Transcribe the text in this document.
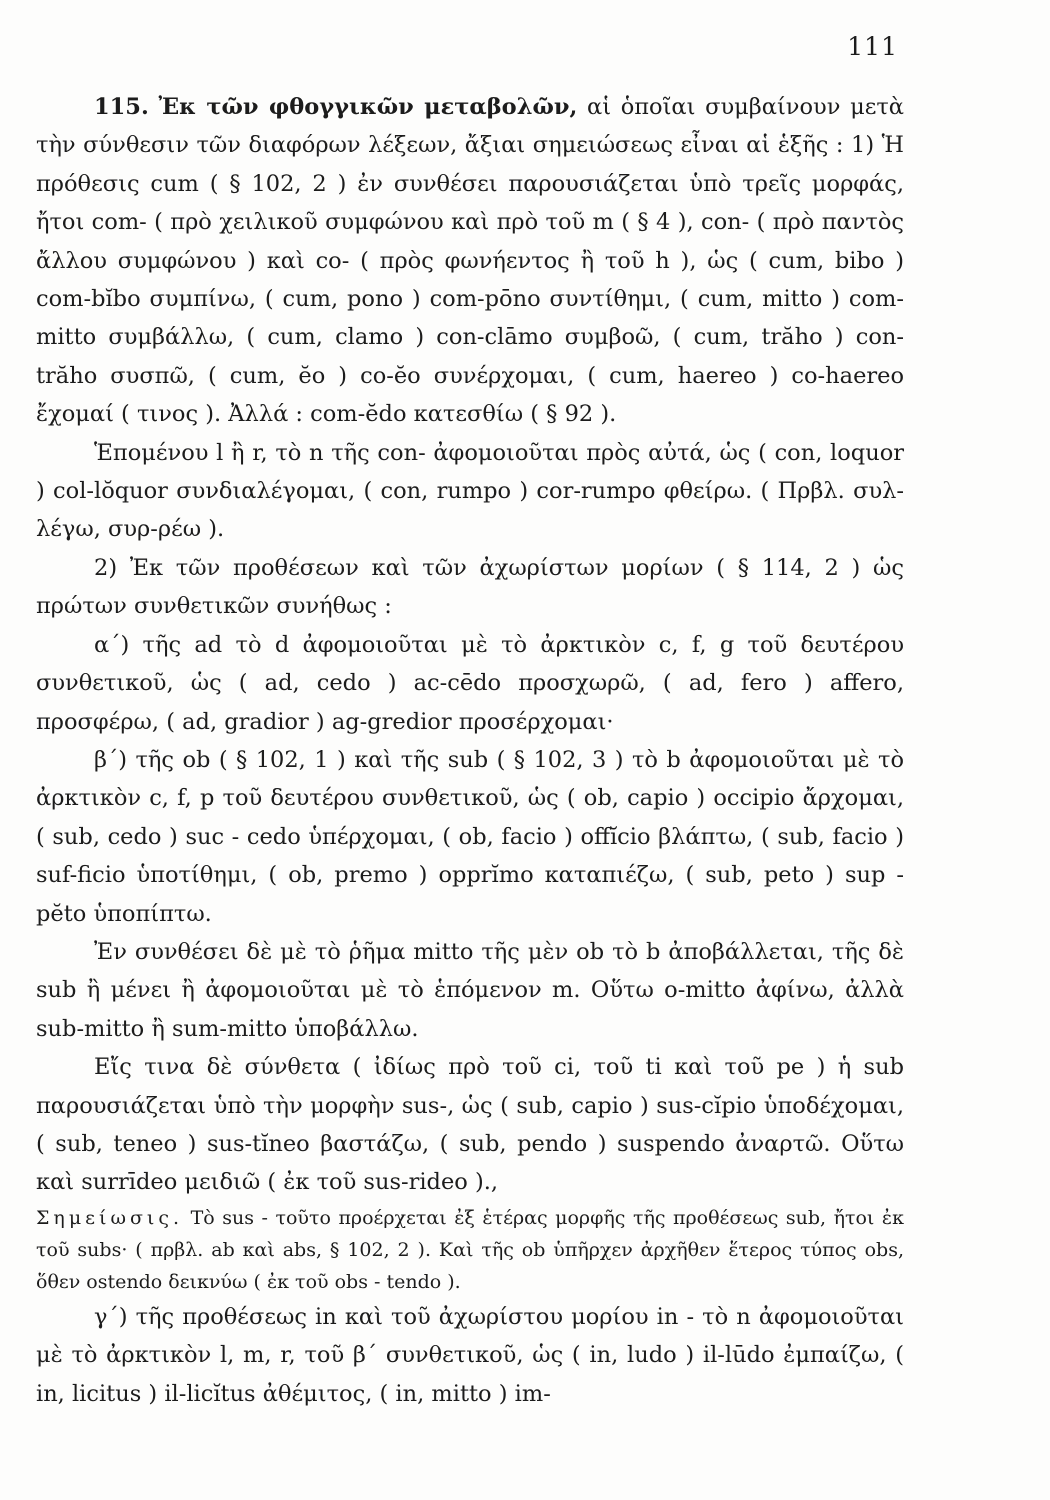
111

115. Ἐκ τῶν φθογγικῶν μεταβολῶν, αἱ ὁποῖαι συμβαίνουν μετὰ τὴν σύνθεσιν τῶν διαφόρων λέξεων, ἄξιαι σημειώσεως εἶναι αἱ ἑξῆς : 1) Ἡ πρόθεσις cum ( § 102, 2 ) ἐν συνθέσει παρουσιάζεται ὑπὸ τρεῖς μορφάς, ἤτοι com- ( πρὸ χειλικοῦ συμφώνου καὶ πρὸ τοῦ m ( § 4 ), con- ( πρὸ παντὸς ἄλλου συμφώνου ) καὶ co- ( πρὸς φωνήεντος ἢ τοῦ h ), ὡς ( cum, bibo ) com-bĭbo συμπίνω, ( cum, pono ) com-pōno συντίθημι, ( cum, mitto ) com-mitto συμβάλλω, ( cum, clamo ) con-clāmo συμβοῶ, ( cum, trăho ) con-trăho συσπῶ, ( cum, ĕo ) co-ĕo συνέρχομαι, ( cum, haereo ) co-haereo ἔχομαί ( τινος ). Ἀλλά : com-ĕdo κατεσθίω ( § 92 ).

Ἑπομένου l ἢ r, τὸ n τῆς con- ἀφομοιοῦται πρὸς αὐτά, ὡς ( con, loquor ) col-lŏquor συνδιαλέγομαι, ( con, rumpo ) cor-rumpo φθείρω. ( Πρβλ. συλ-λέγω, συρ-ρέω ).

2) Ἐκ τῶν προθέσεων καὶ τῶν ἀχωρίστων μορίων ( § 114, 2 ) ὡς πρώτων συνθετικῶν συνήθως :

α΄) τῆς ad τὸ d ἀφομοιοῦται μὲ τὸ ἀρκτικὸν c, f, g τοῦ δευτέρου συνθετικοῦ, ὡς ( ad, cedo ) ac-cēdo προσχωρῶ, ( ad, fero ) affero, προσφέρω, ( ad, gradior ) ag-gredior προσέρχομαι·

β΄) τῆς ob ( § 102, 1 ) καὶ τῆς sub ( § 102, 3 ) τὸ b ἀφομοιοῦται μὲ τὸ ἀρκτικὸν c, f, p τοῦ δευτέρου συνθετικοῦ, ὡς ( ob, capio ) occipio ἄρχομαι, ( sub, cedo ) suc - cedo ὑπέρχομαι, ( ob, facio ) offĭcio βλάπτω, ( sub, facio ) suf-ficio ὑποτίθημι, ( ob, premo ) opprĭmo καταπιέζω, ( sub, peto ) sup - pĕto ὑποπίπτω.

Ἐν συνθέσει δὲ μὲ τὸ ῥῆμα mitto τῆς μὲν ob τὸ b ἀποβάλλεται, τῆς δὲ sub ἢ μένει ἢ ἀφομοιοῦται μὲ τὸ ἑπόμενον m. Οὕτω o-mitto ἀφίνω, ἀλλὰ sub-mitto ἢ sum-mitto ὑποβάλλω.

Εἴς τινα δὲ σύνθετα ( ἰδίως πρὸ τοῦ ci, τοῦ ti καὶ τοῦ pe ) ἡ sub παρουσιάζεται ὑπὸ τὴν μορφὴν sus-, ὡς ( sub, capio ) sus-cĭpio ὑποδέχομαι, ( sub, teneo ) sus-tĭneo βαστάζω, ( sub, pendo ) suspendo ἀναρτῶ. Οὕτω καὶ surrīdeo μειδιῶ ( ἐκ τοῦ sus-rideo ).,

Σημείωσις. Τὸ sus - τοῦτο προέρχεται ἐξ ἑτέρας μορφῆς τῆς προθέσεως sub, ἤτοι ἐκ τοῦ subs· ( πρβλ. ab καὶ abs, § 102, 2 ). Καὶ τῆς ob ὑπῆρχεν ἀρχῆθεν ἕτερος τύπος obs, ὅθεν ostendo δεικνύω ( ἐκ τοῦ obs - tendo ).

γ΄) τῆς προθέσεως in καὶ τοῦ ἀχωρίστου μορίου in - τὸ n ἀφομοιοῦται μὲ τὸ ἀρκτικὸν l, m, r, τοῦ β΄ συνθετικοῦ, ὡς ( in, ludo ) il-lūdo ἐμπαίζω, ( in, licitus ) il-licĭtus ἀθέμιτος, ( in, mitto ) im-
